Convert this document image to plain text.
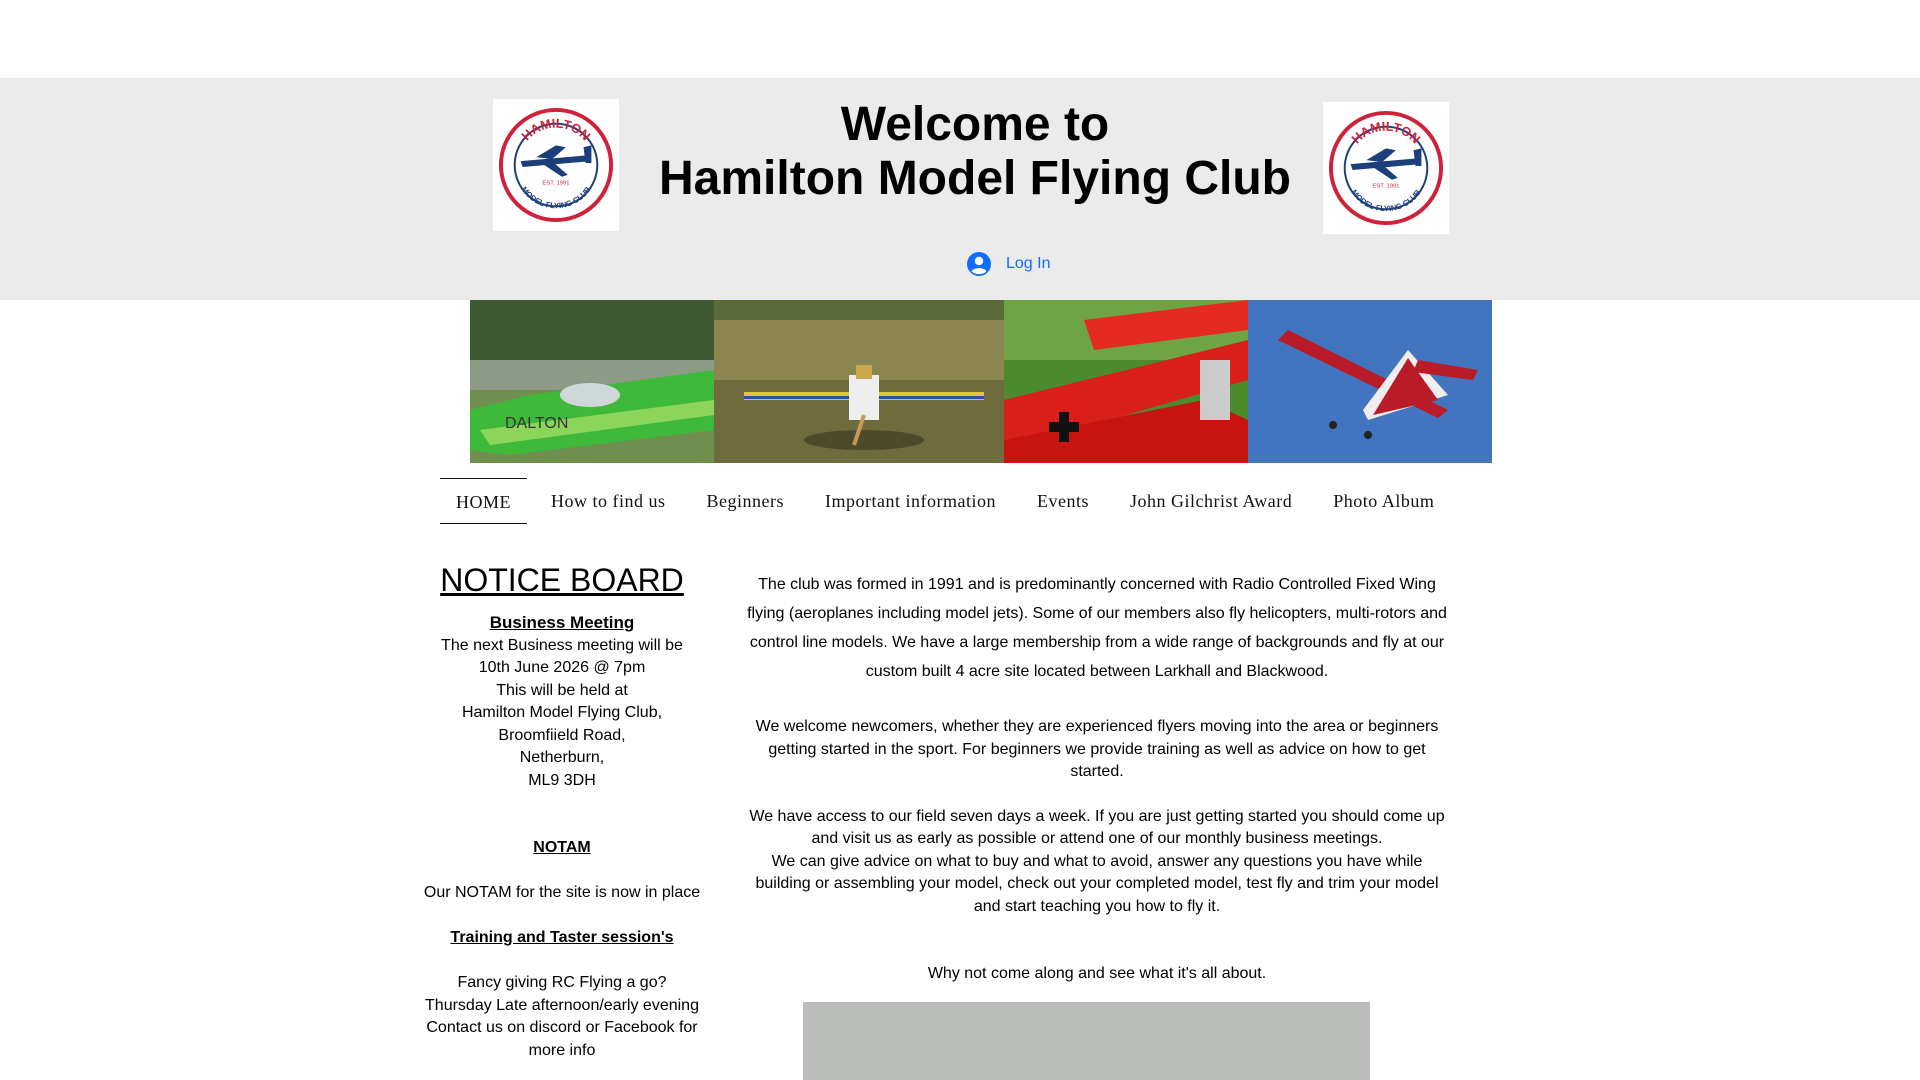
HAMILTON
MODEL FLYING CLUB
EST. 1991
HAMILTON
MODEL FLYING CLUB
EST. 1991
Welcome to
Hamilton Model Flying Club
Log In
DALTON
HOME	How to find us	Beginners	Important information	Events	John Gilchrist Award	Photo Album
NOTICE BOARD

Business Meeting

The next Business meeting will be

10th June 2026 @ 7pm

This will be held at

Hamilton Model Flying Club,

Broomfiield Road,

Netherburn,

ML9 3DH

NOTAM

Our NOTAM for the site is now in place

Training and Taster session's

Fancy giving RC Flying a go?

Thursday Late afternoon/early evening

Contact us on discord or Facebook for

more info

The club was formed in 1991 and is predominantly concerned with Radio Controlled Fixed Wing

flying (aeroplanes including model jets). Some of our members also fly helicopters, multi-rotors and

control line models. We have a large membership from a wide range of backgrounds and fly at our

custom built 4 acre site located between Larkhall and Blackwood.

We welcome newcomers, whether they are experienced flyers moving into the area or beginners

getting started in the sport. For beginners we provide training as well as advice on how to get

started.

We have access to our field seven days a week. If you are just getting started you should come up

and visit us as early as possible or attend one of our monthly business meetings.

We can give advice on what to buy and what to avoid, answer any questions you have while

building or assembling your model, check out your completed model, test fly and trim your model

and start teaching you how to fly it.

Why not come along and see what it's all about.
